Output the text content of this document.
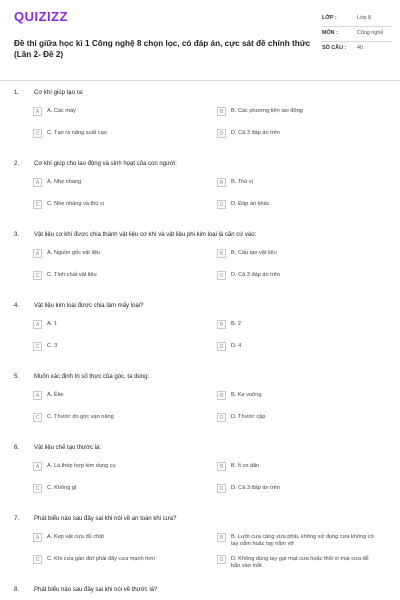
QUIZIZZ
Đề thi giữa học kì 1 Công nghệ 8 chọn lọc, có đáp án, cực sát đề chính thức (Lần 2- Đề 2)
LỚP :	Lớp 8
MÔN :	Công nghệ
SỐ CÂU :	40
1.	Cơ khí giúp tạo ra:
A	A. Các máy	B	B. Các phương tiện lao động
C	C. Tạo ra năng suất cao	D	D. Cả 3 đáp án trên
2.	Cơ khí giúp cho lao động và sinh hoạt của con người:
A	A. Nhẹ nhàng	B	B. Thú vị
C	C. Nhẹ nhàng và thú vị	D	D. Đáp án khác
3.	Vật liệu cơ khí được chia thành vật liệu cơ khí và vật liệu phi kim loại là căn cứ vào:
A	A. Nguồn gốc vật liệu	B	B. Cấu tạo vật liệu
C	C. Tính chất vật liệu	D	D. Cả 3 đáp án trên
4.	Vật liệu kim loại được chia làm mấy loại?
A	A. 1	B	B. 2
C	C. 3	D	D. 4
5.	Muốn xác định trị số thực của góc, ta dùng:
A	A. Êke	B	B. Ke vuông
C	C. Thước đo góc vạn năng	D	D. Thước cặp
6.	Vật liệu chế tạo thước lá:
A	A. Là thép hợp kim dụng cụ	B	B. Ít co dãn
C	C. Không gỉ	D	D. Cả 3 đáp án trên
7.	Phát biểu nào sau đây sai khi nói về an toàn khi cưa?
A	A. Kẹp vật cưa đủ chặt	B	B. Lưỡi cưa căng vừa phải, không sử dụng cưa không có tay nắm hoặc tay nắm vỡ
C	C. Khi cưa gần đứt phải đẩy cưa mạnh hơn	D	D. Không dùng tay gạt mạt cưa hoặc thổi vì mạt cưa dễ bắn vào mắt
8.	Phát biểu nào sau đây sai khi nói về thước lá?
